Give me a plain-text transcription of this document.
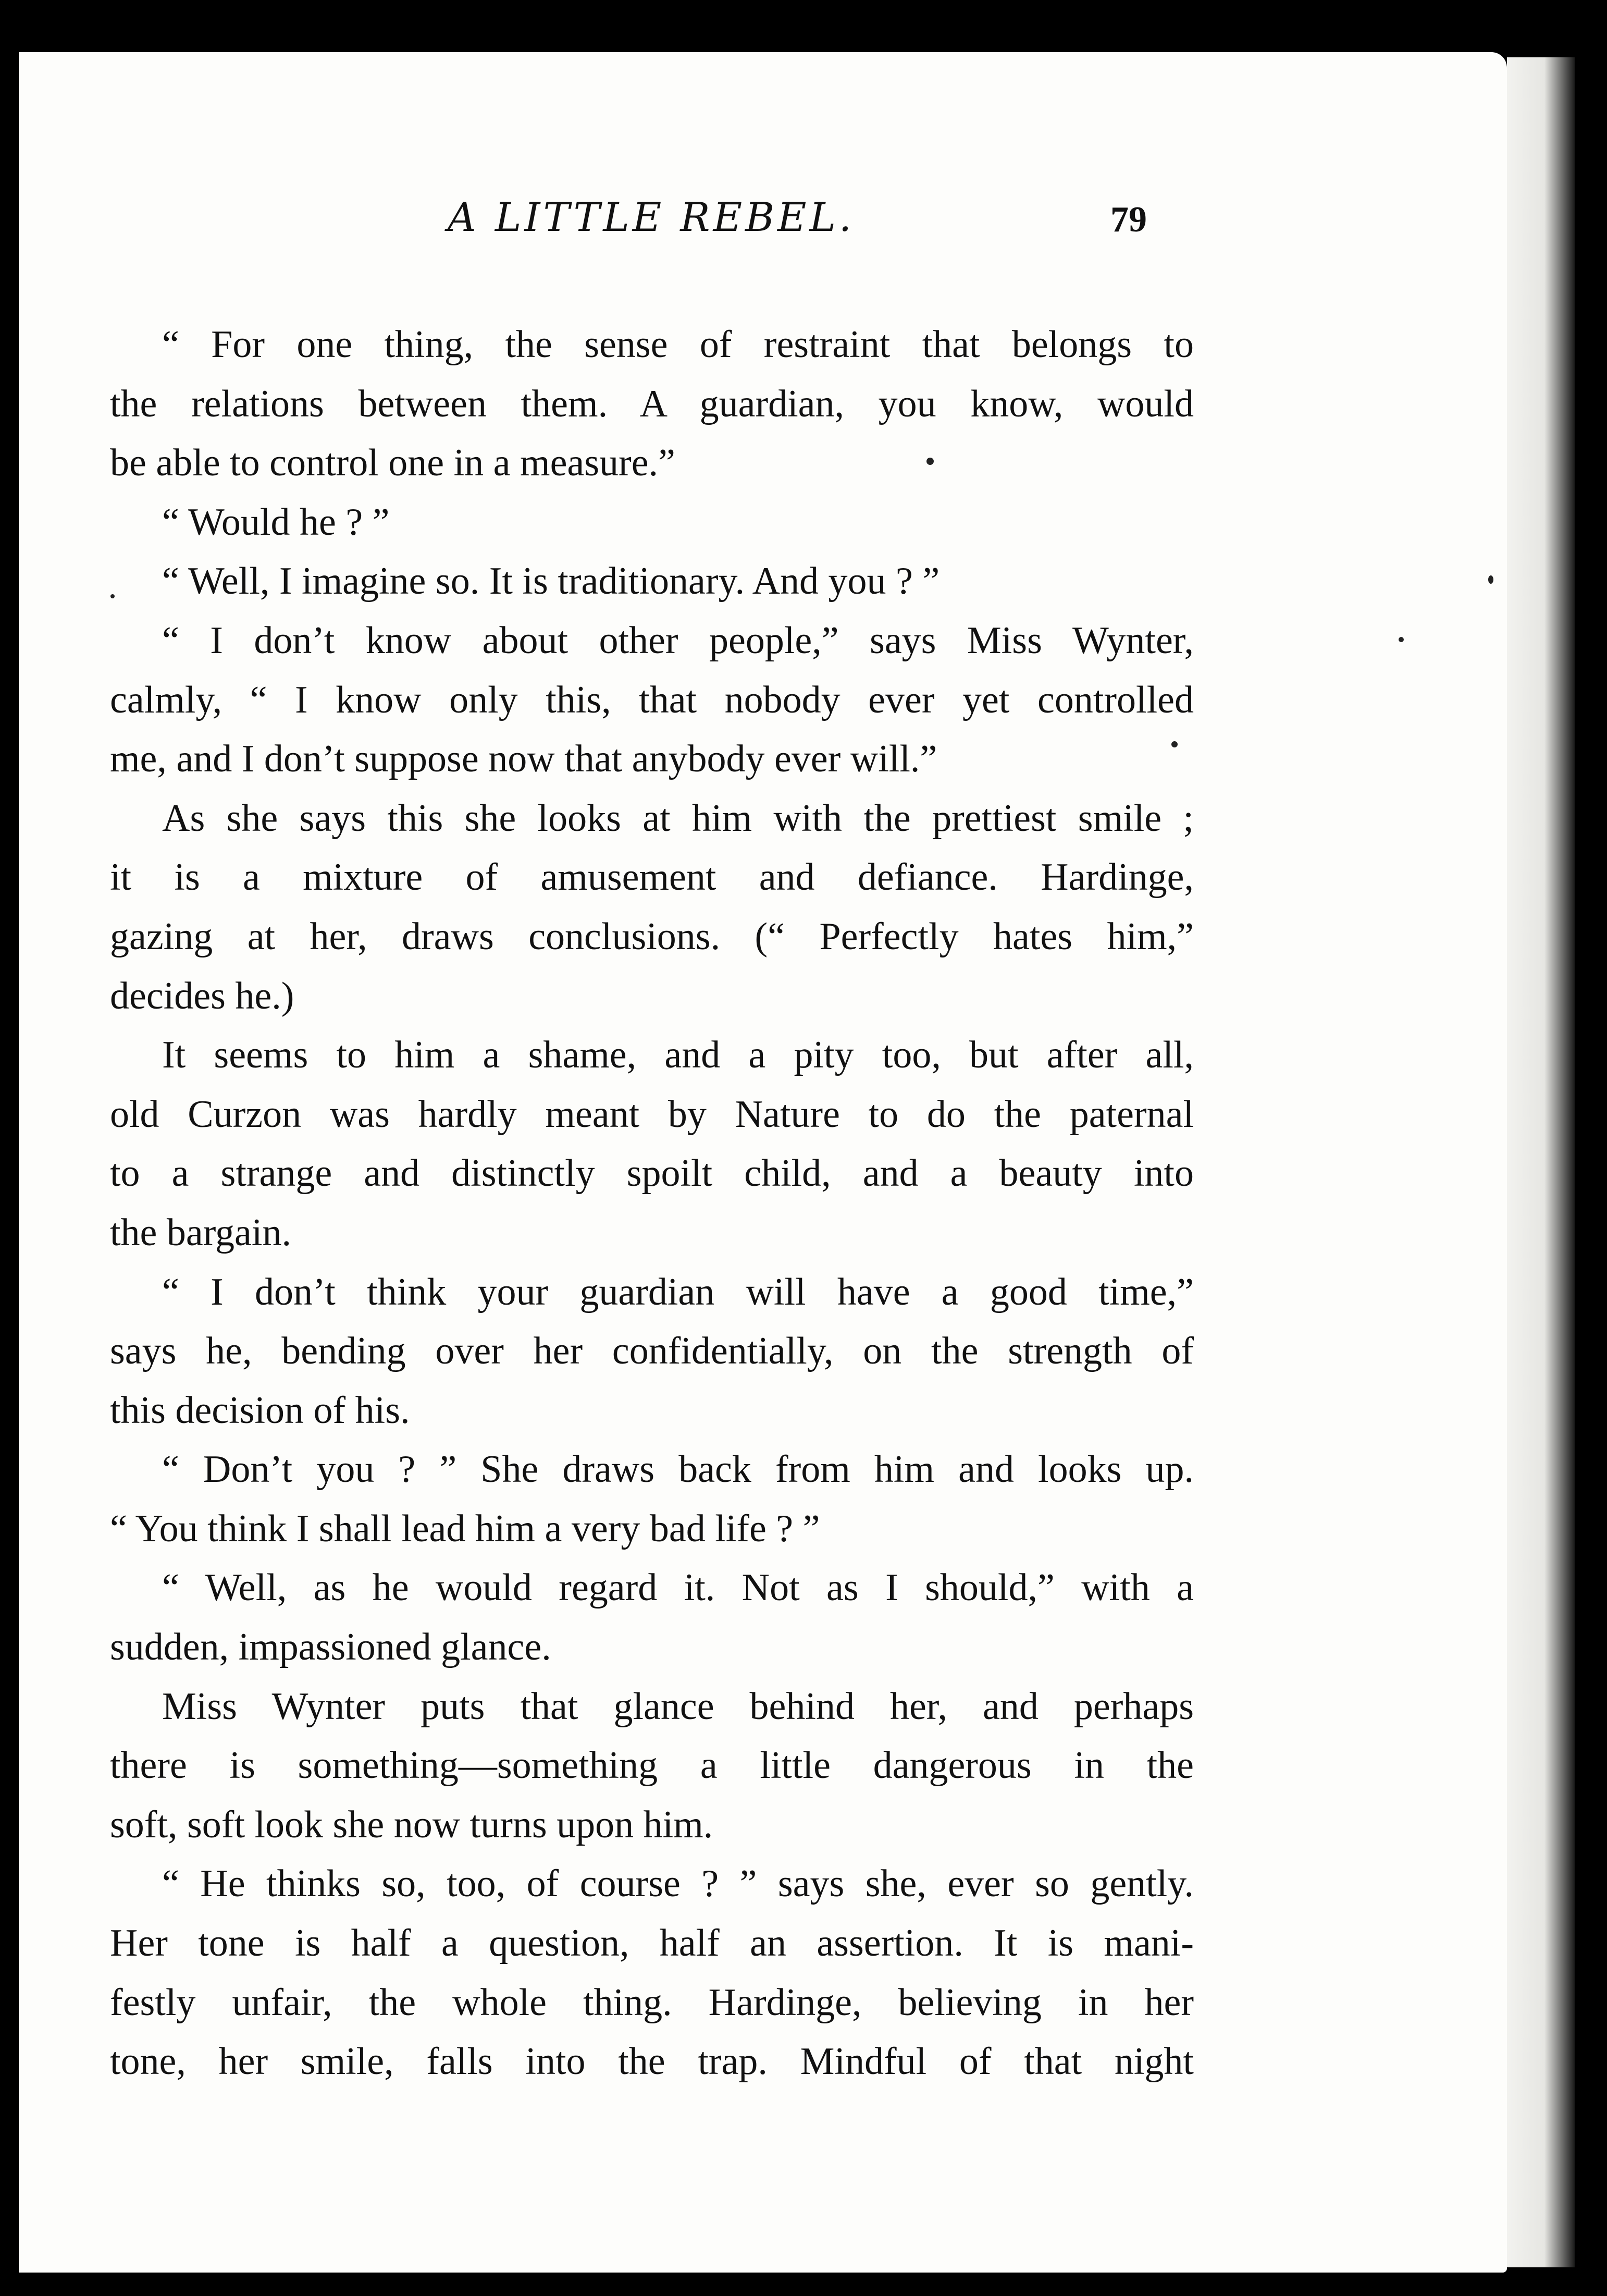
A LITTLE REBEL.	79
“ For one thing, the sense of restraint that belongs to
the relations between them. A guardian, you know, would
be able to control one in a measure.”
“ Would he ? ”
“ Well, I imagine so. It is traditionary. And you ? ”
“ I don’t know about other people,” says Miss Wynter,
calmly, “ I know only this, that nobody ever yet controlled
me, and I don’t suppose now that anybody ever will.”
As she says this she looks at him with the prettiest smile ;
it is a mixture of amusement and defiance. Hardinge,
gazing at her, draws conclusions. (“ Perfectly hates him,”
decides he.)
It seems to him a shame, and a pity too, but after all,
old Curzon was hardly meant by Nature to do the paternal
to a strange and distinctly spoilt child, and a beauty into
the bargain.
“ I don’t think your guardian will have a good time,”
says he, bending over her confidentially, on the strength of
this decision of his.
“ Don’t you ? ” She draws back from him and looks up.
“ You think I shall lead him a very bad life ? ”
“ Well, as he would regard it. Not as I should,” with a
sudden, impassioned glance.
Miss Wynter puts that glance behind her, and perhaps
there is something—something a little dangerous in the
soft, soft look she now turns upon him.
“ He thinks so, too, of course ? ” says she, ever so gently.
Her tone is half a question, half an assertion. It is mani-
festly unfair, the whole thing. Hardinge, believing in her
tone, her smile, falls into the trap. Mindful of that night
